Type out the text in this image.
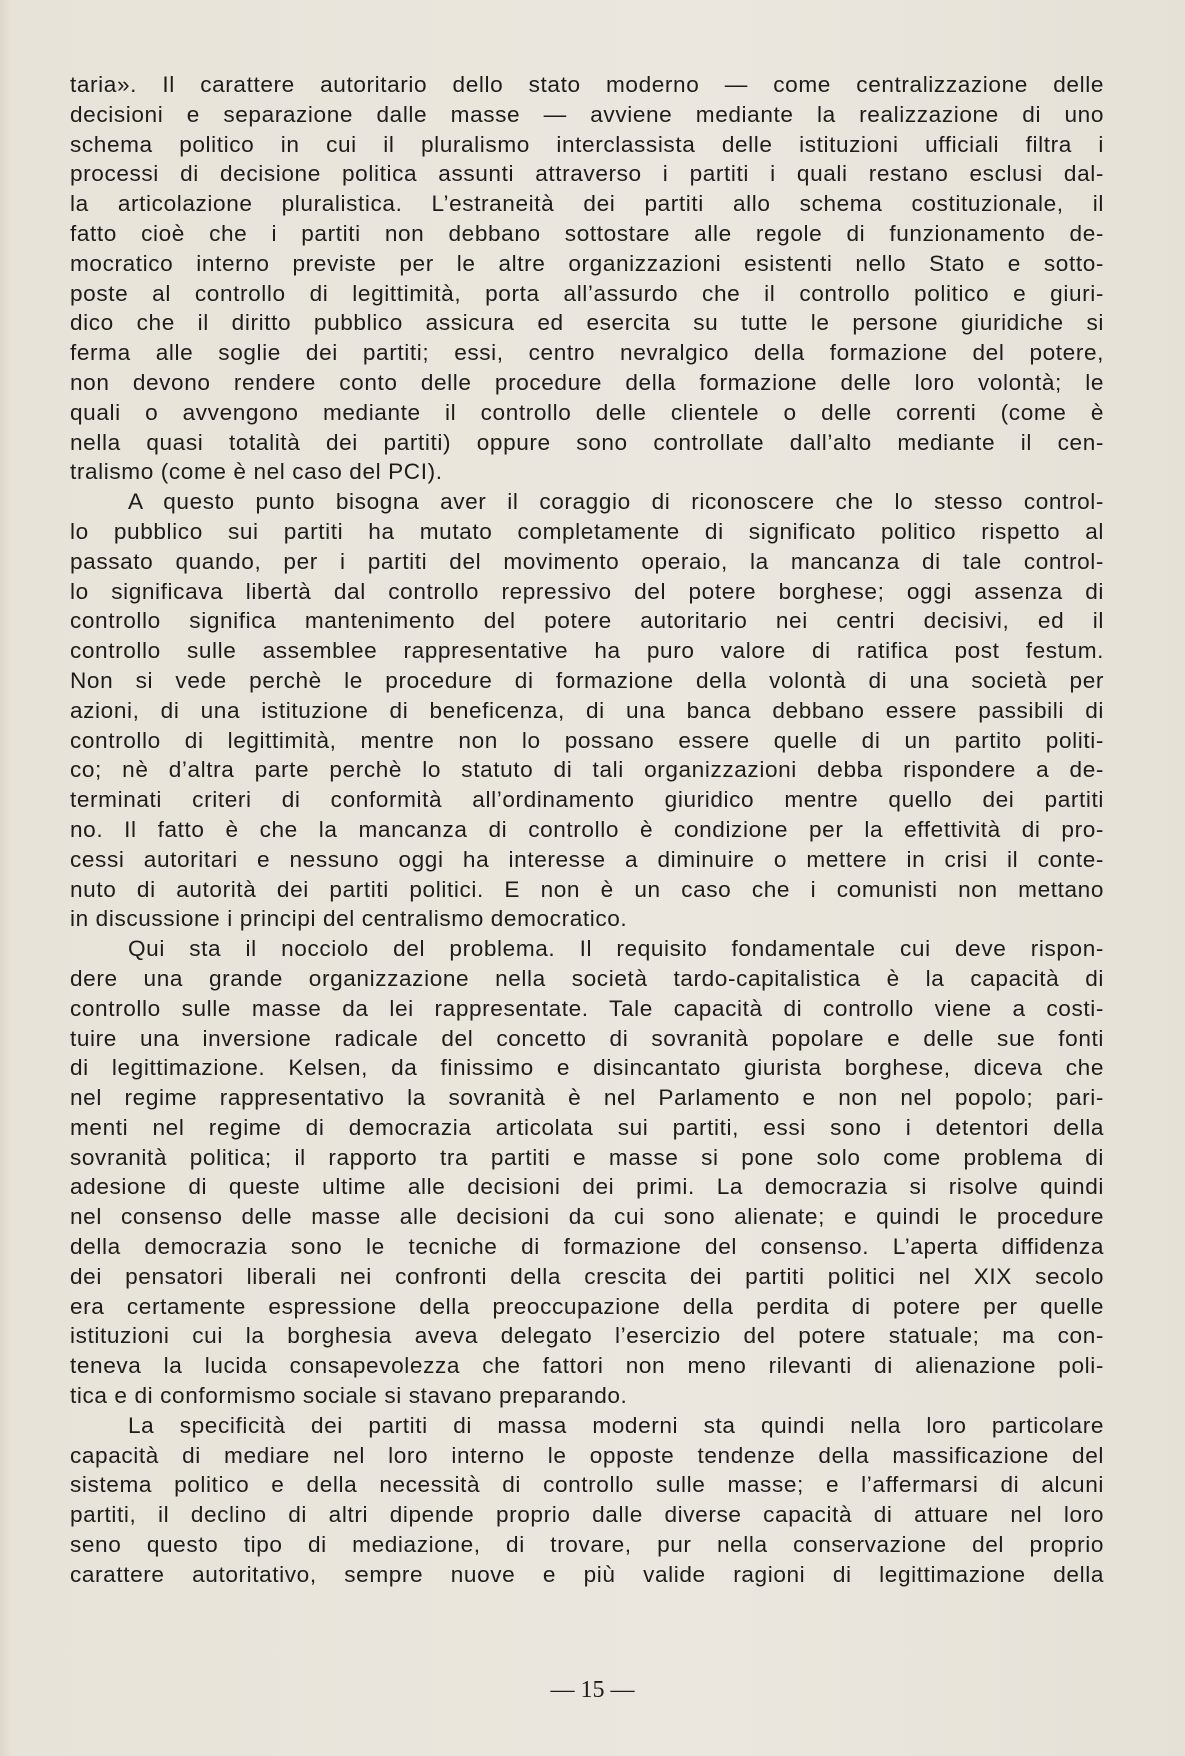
taria». Il carattere autoritario dello stato moderno — come centralizzazione delle
decisioni e separazione dalle masse — avviene mediante la realizzazione di uno
schema politico in cui il pluralismo interclassista delle istituzioni ufficiali filtra i
processi di decisione politica assunti attraverso i partiti i quali restano esclusi dal-
la articolazione pluralistica. L’estraneità dei partiti allo schema costituzionale, il
fatto cioè che i partiti non debbano sottostare alle regole di funzionamento de-
mocratico interno previste per le altre organizzazioni esistenti nello Stato e sotto-
poste al controllo di legittimità, porta all’assurdo che il controllo politico e giuri-
dico che il diritto pubblico assicura ed esercita su tutte le persone giuridiche si
ferma alle soglie dei partiti; essi, centro nevralgico della formazione del potere,
non devono rendere conto delle procedure della formazione delle loro volontà; le
quali o avvengono mediante il controllo delle clientele o delle correnti (come è
nella quasi totalità dei partiti) oppure sono controllate dall’alto mediante il cen-
tralismo (come è nel caso del PCI).
A questo punto bisogna aver il coraggio di riconoscere che lo stesso control-
lo pubblico sui partiti ha mutato completamente di significato politico rispetto al
passato quando, per i partiti del movimento operaio, la mancanza di tale control-
lo significava libertà dal controllo repressivo del potere borghese; oggi assenza di
controllo significa mantenimento del potere autoritario nei centri decisivi, ed il
controllo sulle assemblee rappresentative ha puro valore di ratifica post festum.
Non si vede perchè le procedure di formazione della volontà di una società per
azioni, di una istituzione di beneficenza, di una banca debbano essere passibili di
controllo di legittimità, mentre non lo possano essere quelle di un partito politi-
co; nè d’altra parte perchè lo statuto di tali organizzazioni debba rispondere a de-
terminati criteri di conformità all’ordinamento giuridico mentre quello dei partiti
no. Il fatto è che la mancanza di controllo è condizione per la effettività di pro-
cessi autoritari e nessuno oggi ha interesse a diminuire o mettere in crisi il conte-
nuto di autorità dei partiti politici. E non è un caso che i comunisti non mettano
in discussione i principi del centralismo democratico.
Qui sta il nocciolo del problema. Il requisito fondamentale cui deve rispon-
dere una grande organizzazione nella società tardo-capitalistica è la capacità di
controllo sulle masse da lei rappresentate. Tale capacità di controllo viene a costi-
tuire una inversione radicale del concetto di sovranità popolare e delle sue fonti
di legittimazione. Kelsen, da finissimo e disincantato giurista borghese, diceva che
nel regime rappresentativo la sovranità è nel Parlamento e non nel popolo; pari-
menti nel regime di democrazia articolata sui partiti, essi sono i detentori della
sovranità politica; il rapporto tra partiti e masse si pone solo come problema di
adesione di queste ultime alle decisioni dei primi. La democrazia si risolve quindi
nel consenso delle masse alle decisioni da cui sono alienate; e quindi le procedure
della democrazia sono le tecniche di formazione del consenso. L’aperta diffidenza
dei pensatori liberali nei confronti della crescita dei partiti politici nel XIX secolo
era certamente espressione della preoccupazione della perdita di potere per quelle
istituzioni cui la borghesia aveva delegato l’esercizio del potere statuale; ma con-
teneva la lucida consapevolezza che fattori non meno rilevanti di alienazione poli-
tica e di conformismo sociale si stavano preparando.
La specificità dei partiti di massa moderni sta quindi nella loro particolare
capacità di mediare nel loro interno le opposte tendenze della massificazione del
sistema politico e della necessità di controllo sulle masse; e l’affermarsi di alcuni
partiti, il declino di altri dipende proprio dalle diverse capacità di attuare nel loro
seno questo tipo di mediazione, di trovare, pur nella conservazione del proprio
carattere autoritativo, sempre nuove e più valide ragioni di legittimazione della
— 15 —
